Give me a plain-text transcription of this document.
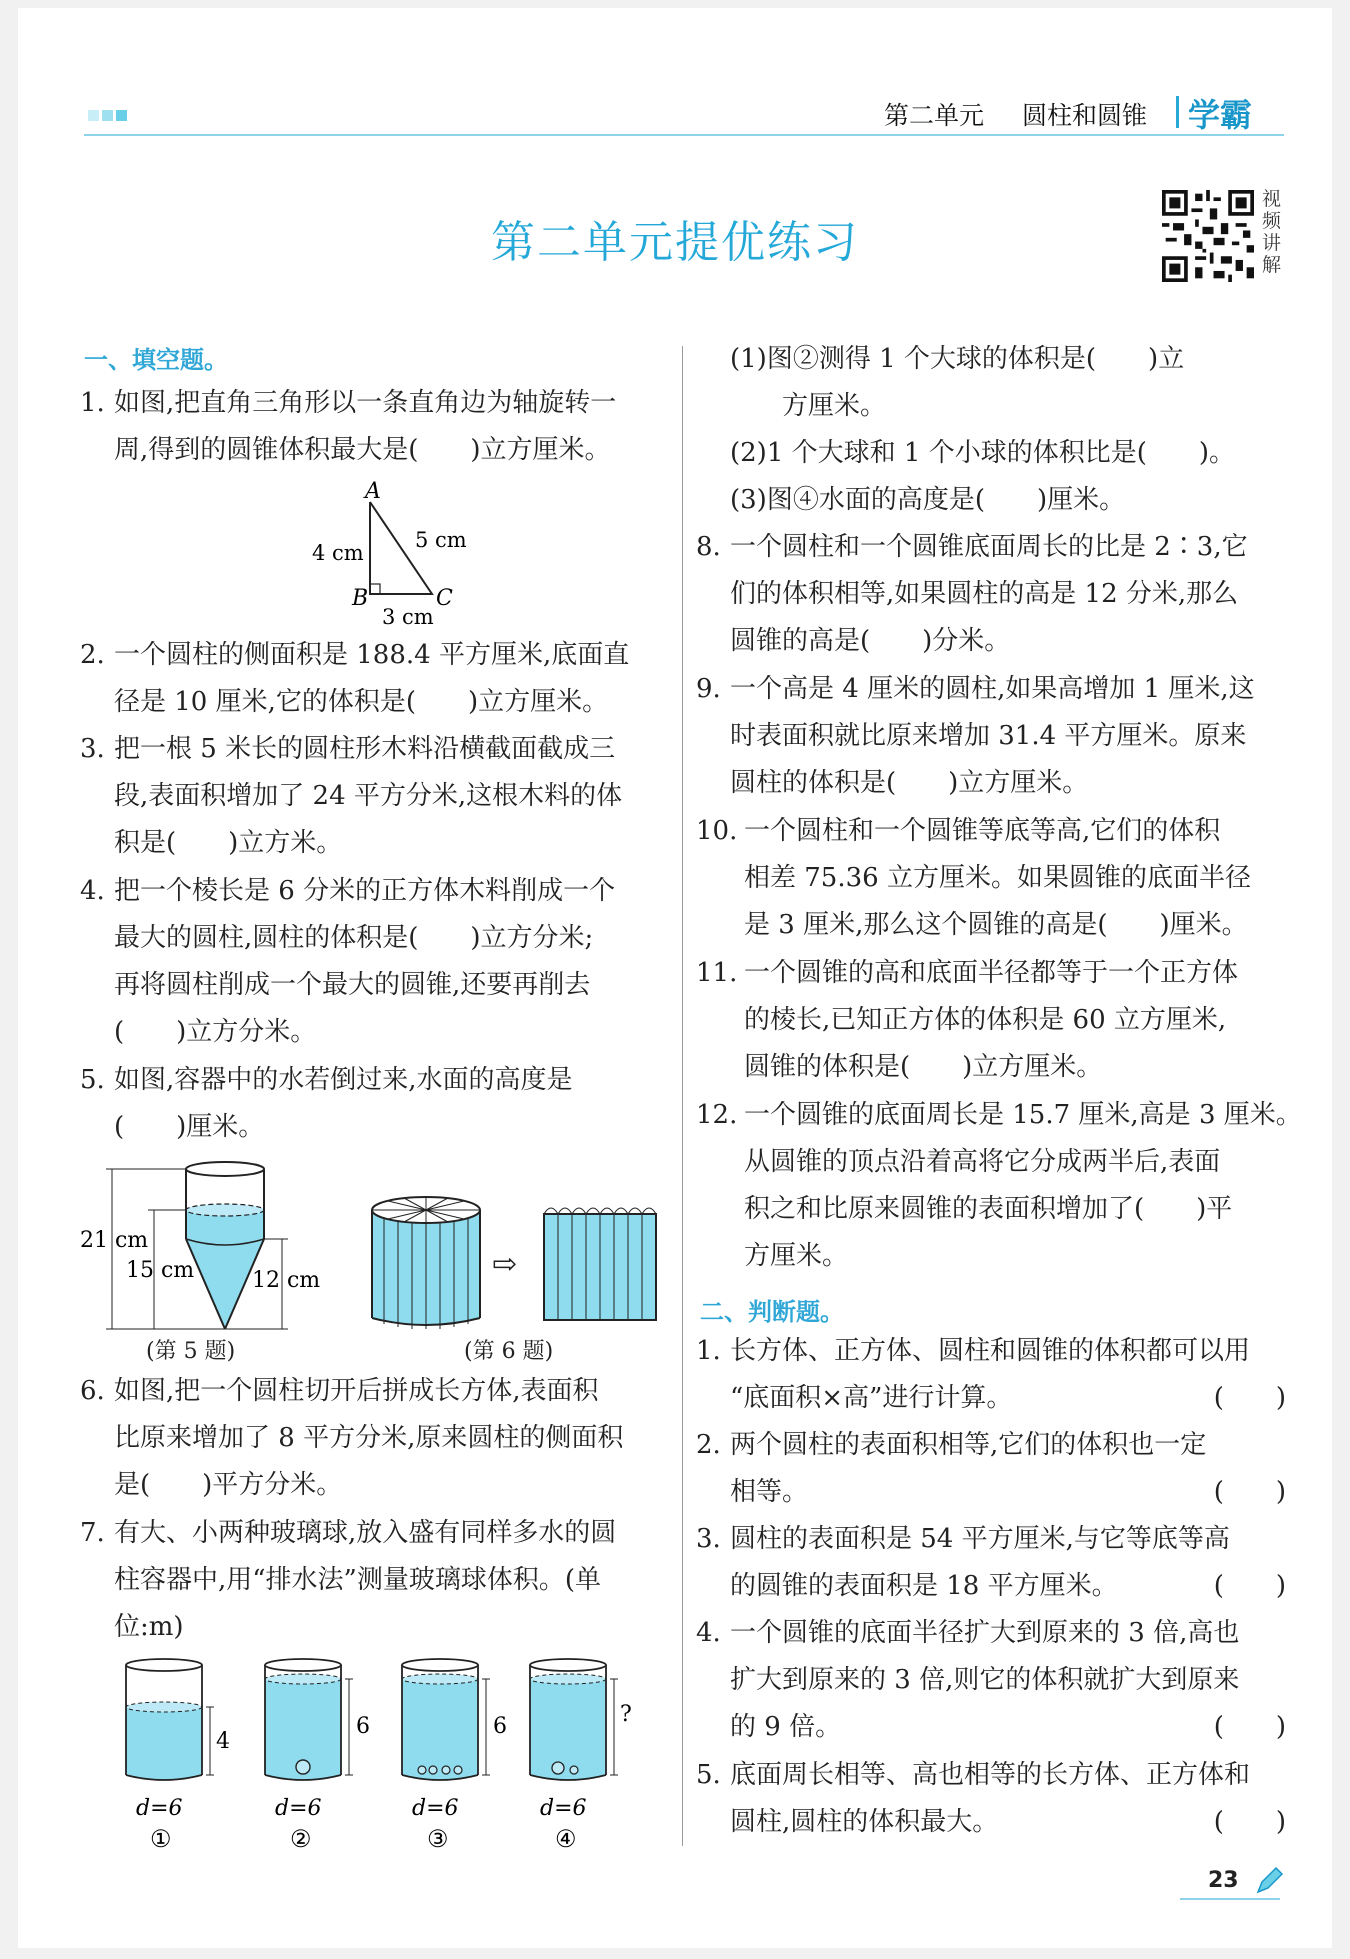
第二单元 圆柱和圆锥 学霸
第二单元提优练习
视频讲解
一、填空题。
1. 如图,把直角三角形以一条直角边为轴旋转一
周,得到的圆锥体积最大是(　　)立方厘米。
A
B	C
4 cm
5 cm
3 cm
2. 一个圆柱的侧面积是 188.4 平方厘米,底面直
径是 10 厘米,它的体积是(　　)立方厘米。
3. 把一根 5 米长的圆柱形木料沿横截面截成三
段,表面积增加了 24 平方分米,这根木料的体
积是(　　)立方米。
4. 把一个棱长是 6 分米的正方体木料削成一个
最大的圆柱,圆柱的体积是(　　)立方分米;
再将圆柱削成一个最大的圆锥,还要再削去
(　　)立方分米。
5. 如图,容器中的水若倒过来,水面的高度是
(　　)厘米。
21 cm
15 cm	12 cm
(第 5 题)
⇨
(第 6 题)
6. 如图,把一个圆柱切开后拼成长方体,表面积
比原来增加了 8 平方分米,原来圆柱的侧面积
是(　　)平方分米。
7. 有大、小两种玻璃球,放入盛有同样多水的圆
柱容器中,用“排水法”测量玻璃球体积。(单
位:m)
4
d=6
①
6
d=6
②
6
d=6
③
?
d=6
④
(1)图②测得 1 个大球的体积是(　　)立
方厘米。
(2)1 个大球和 1 个小球的体积比是(　　)。
(3)图④水面的高度是(　　)厘米。
8. 一个圆柱和一个圆锥底面周长的比是 2∶3,它
们的体积相等,如果圆柱的高是 12 分米,那么
圆锥的高是(　　)分米。
9. 一个高是 4 厘米的圆柱,如果高增加 1 厘米,这
时表面积就比原来增加 31.4 平方厘米。原来
圆柱的体积是(　　)立方厘米。
10. 一个圆柱和一个圆锥等底等高,它们的体积
相差 75.36 立方厘米。如果圆锥的底面半径
是 3 厘米,那么这个圆锥的高是(　　)厘米。
11. 一个圆锥的高和底面半径都等于一个正方体
的棱长,已知正方体的体积是 60 立方厘米,
圆锥的体积是(　　)立方厘米。
12. 一个圆锥的底面周长是 15.7 厘米,高是 3 厘米。
从圆锥的顶点沿着高将它分成两半后,表面
积之和比原来圆锥的表面积增加了(　　)平
方厘米。
二、判断题。
1. 长方体、正方体、圆柱和圆锥的体积都可以用
“底面积×高”进行计算。	(　　)
2. 两个圆柱的表面积相等,它们的体积也一定
相等。	(　　)
3. 圆柱的表面积是 54 平方厘米,与它等底等高
的圆锥的表面积是 18 平方厘米。	(　　)
4. 一个圆锥的底面半径扩大到原来的 3 倍,高也
扩大到原来的 3 倍,则它的体积就扩大到原来
的 9 倍。	(　　)
5. 底面周长相等、高也相等的长方体、正方体和
圆柱,圆柱的体积最大。	(　　)
23
